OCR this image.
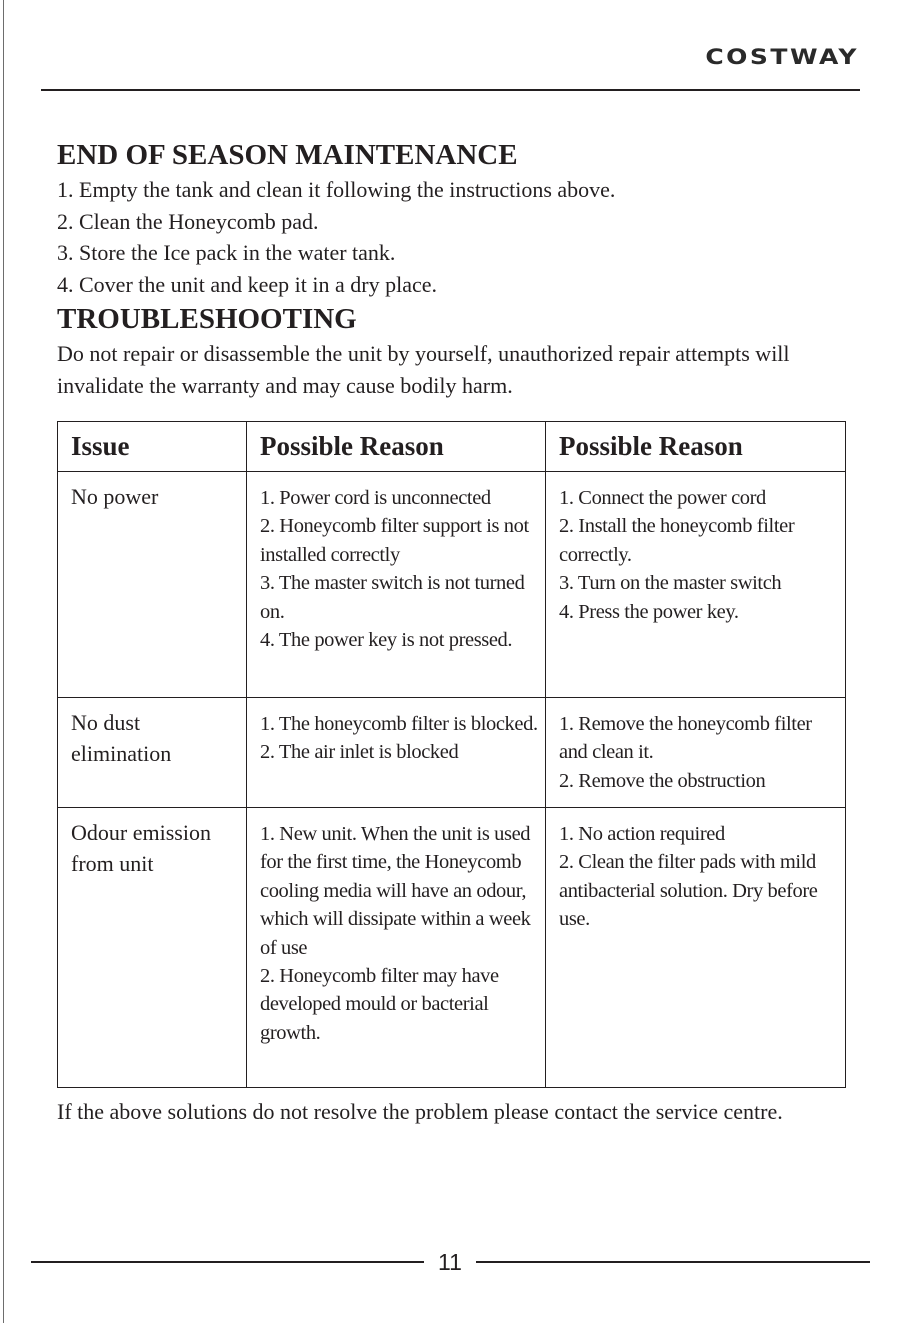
COSTWAY
END OF SEASON MAINTENANCE
1. Empty the tank and clean it following the instructions above.
2. Clean the Honeycomb pad.
3. Store the Ice pack in the water tank.
4. Cover the unit and keep it in a dry place.
TROUBLESHOOTING

Do not repair or disassemble the unit by yourself, unauthorized repair attempts will invalidate the warranty and may cause bodily harm.

Issue	Possible Reason	Possible Reason

No power	1. Power cord is unconnected
2. Honeycomb filter support is not installed correctly
3. The master switch is not turned on.
4. The power key is not pressed.	1. Connect the power cord
2. Install the honeycomb filter correctly.
3. Turn on the master switch
4. Press the power key.

No dust elimination	1. The honeycomb filter is blocked.
2. The air inlet is blocked	1. Remove the honeycomb filter and clean it.
2. Remove the obstruction

Odour emission from unit	1. New unit. When the unit is used for the first time, the Honeycomb cooling media will have an odour, which will dissipate within a week of use
2. Honeycomb filter may have developed mould or bacterial growth.	1. No action required
2. Clean the filter pads with mild antibacterial solution. Dry before use.

If the above solutions do not resolve the problem please contact the service centre.

11
